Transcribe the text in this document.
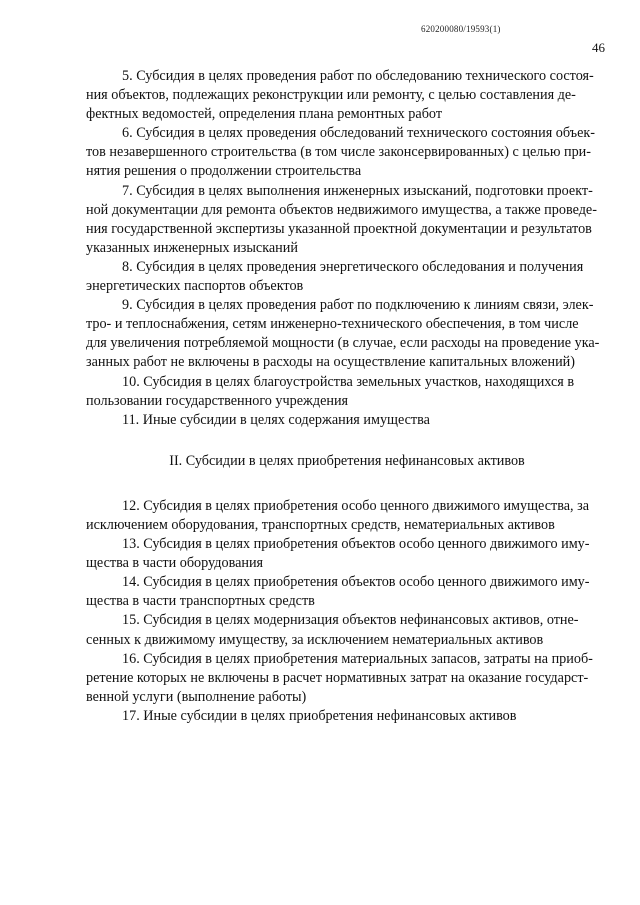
620200080/19593(1)
46

5. Субсидия в целях проведения работ по обследованию технического состоя-
ния объектов, подлежащих реконструкции или ремонту, с целью составления де-
фектных ведомостей, определения плана ремонтных работ

6. Субсидия в целях проведения обследований технического состояния объек-
тов незавершенного строительства (в том числе законсервированных) с целью при-
нятия решения о продолжении строительства

7. Субсидия в целях выполнения инженерных изысканий, подготовки проект-
ной документации для ремонта объектов недвижимого имущества, а также проведе-
ния государственной экспертизы указанной проектной документации и результатов
указанных инженерных изысканий

8. Субсидия в целях проведения энергетического обследования и получения
энергетических паспортов объектов

9. Субсидия в целях проведения работ по подключению к линиям связи, элек-
тро- и теплоснабжения, сетям инженерно-технического обеспечения, в том числе
для увеличения потребляемой мощности (в случае, если расходы на проведение ука-
занных работ не включены в расходы на осуществление капитальных вложений)

10. Субсидия в целях благоустройства земельных участков, находящихся в
пользовании государственного учреждения

11. Иные субсидии в целях содержания имущества

II. Субсидии в целях приобретения нефинансовых активов

12. Субсидия в целях приобретения особо ценного движимого имущества, за
исключением оборудования, транспортных средств, нематериальных активов

13. Субсидия в целях приобретения объектов особо ценного движимого иму-
щества в части оборудования

14. Субсидия в целях приобретения объектов особо ценного движимого иму-
щества в части транспортных средств

15. Субсидия в целях модернизация объектов нефинансовых активов, отне-
сенных к движимому имуществу, за исключением нематериальных активов

16. Субсидия в целях приобретения материальных запасов, затраты на приоб-
ретение которых не включены в расчет нормативных затрат на оказание государст-
венной услуги (выполнение работы)

17. Иные субсидии в целях приобретения нефинансовых активов
